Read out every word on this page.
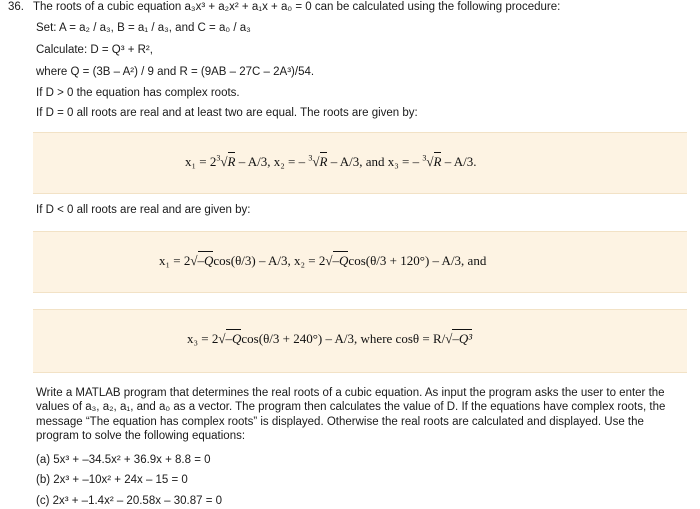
36. The roots of a cubic equation a₃x³ + a₂x² + a₁x + a₀ = 0 can be calculated using the following procedure:
Set: A = a₂ / a₃, B = a₁ / a₃, and C = a₀ / a₃
Calculate: D = Q³ + R²,
where Q = (3B – A²) / 9 and R = (9AB – 27C – 2A³)/54.
If D > 0 the equation has complex roots.
If D = 0 all roots are real and at least two are equal. The roots are given by:
$x_1 = 2^3√R - A/3$, x₂ = – $^3$√R – A/3, and x₃ = – $^3$√R – A/3.
If D < 0 all roots are real and are given by:
x₁ = 2√–Qcos(θ/3) – A/3, x₂ = 2√–Qcos(θ/3 + 120°) – A/3, and
x₃ = 2√–Qcos(θ/3 + 240°) – A/3, where cosθ = R/√–Q³
Write a MATLAB program that determines the real roots of a cubic equation. As input the program asks the user to enter the values of a₃, a₂, a₁, and a₀ as a vector. The program then calculates the value of D. If the equations have complex roots, the message “The equation has complex roots” is displayed. Otherwise the real roots are calculated and displayed. Use the program to solve the following equations:
(a) 5x³ + –34.5x² + 36.9x + 8.8 = 0
(b) 2x³ + –10x² + 24x – 15 = 0
(c) 2x³ + –1.4x² – 20.58x – 30.87 = 0
